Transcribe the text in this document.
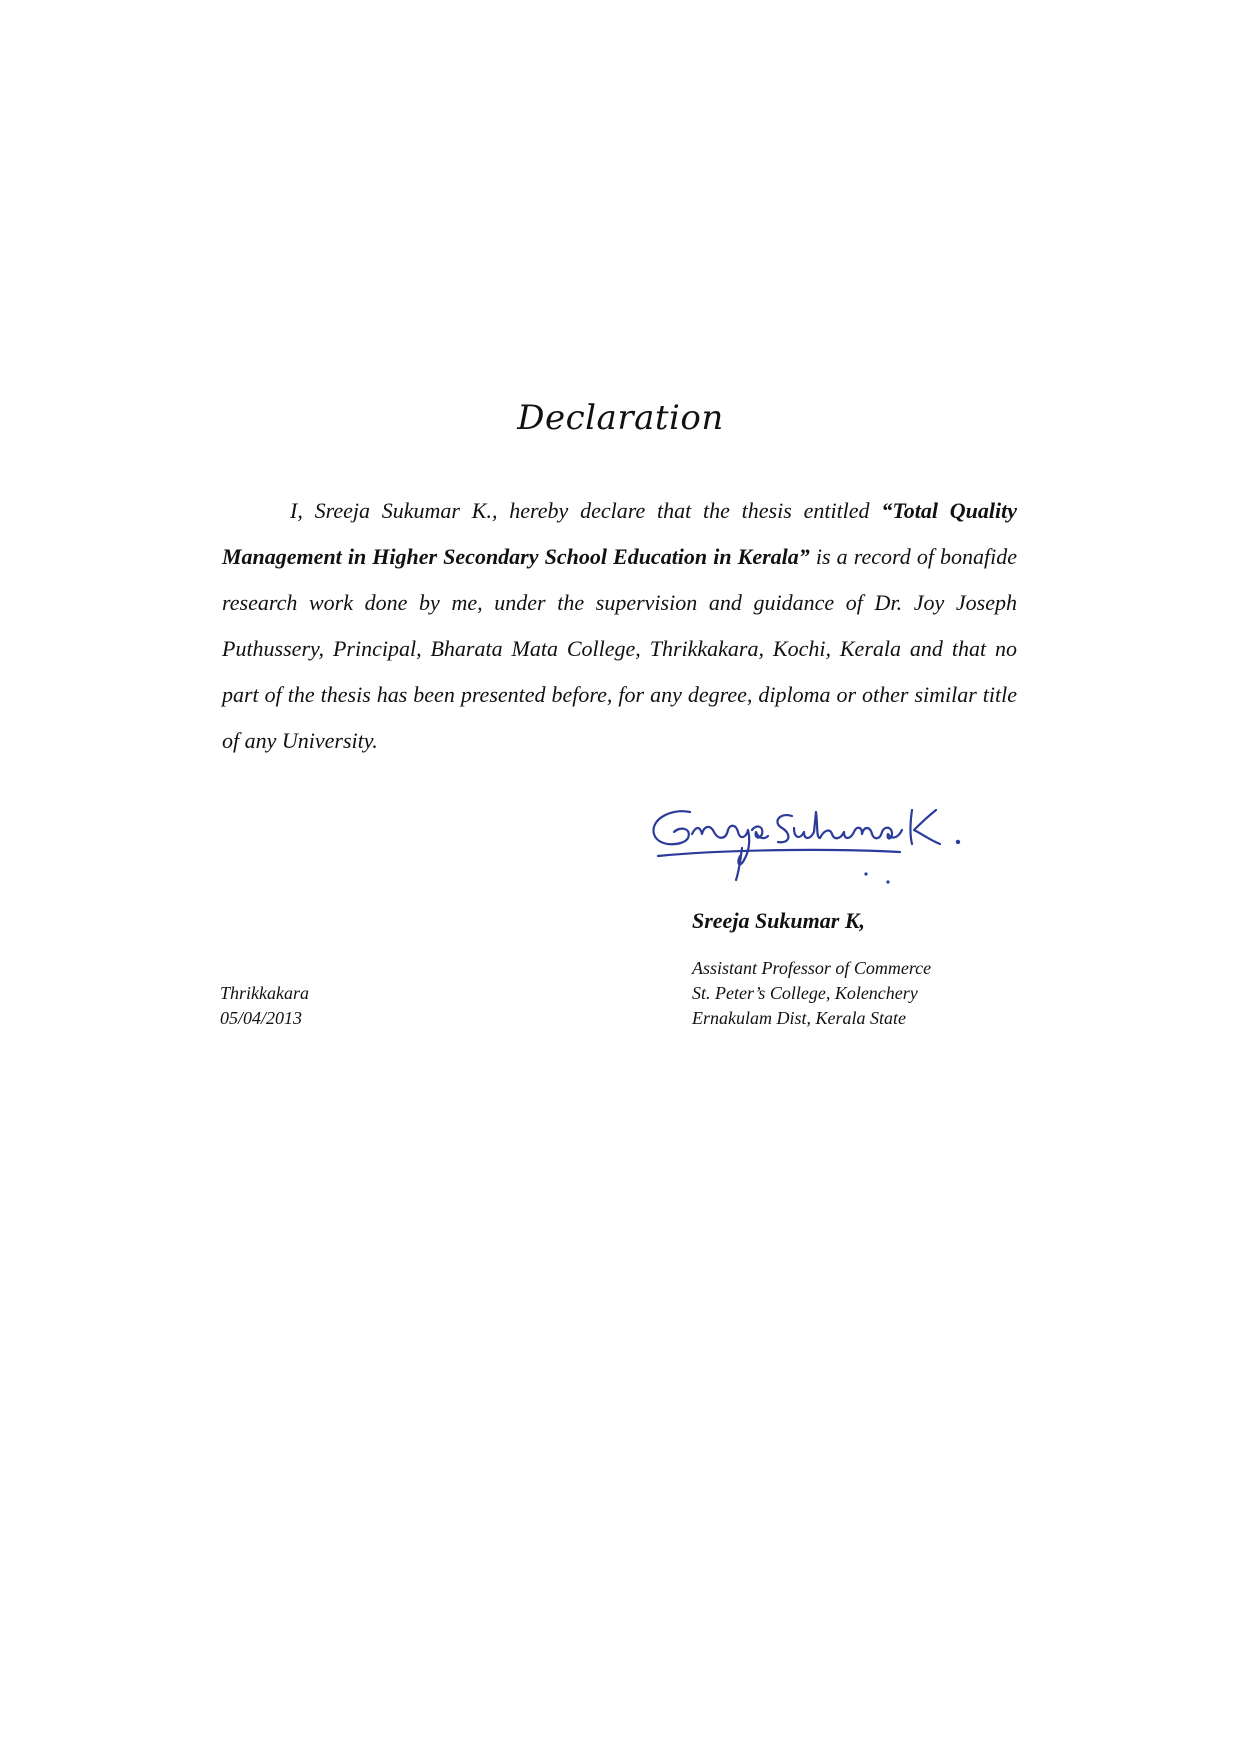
Declaration
I, Sreeja Sukumar K., hereby declare that the thesis entitled “Total Quality Management in Higher Secondary School Education in Kerala” is a record of bonafide research work done by me, under the supervision and guidance of Dr. Joy Joseph Puthussery, Principal, Bharata Mata College, Thrikkakara, Kochi, Kerala and that no part of the thesis has been presented before, for any degree, diploma or other similar title of any University.
Sreeja Sukumar K,
Assistant Professor of Commerce
St. Peter’s College, Kolenchery
Ernakulam Dist, Kerala State
Thrikkakara
05/04/2013
